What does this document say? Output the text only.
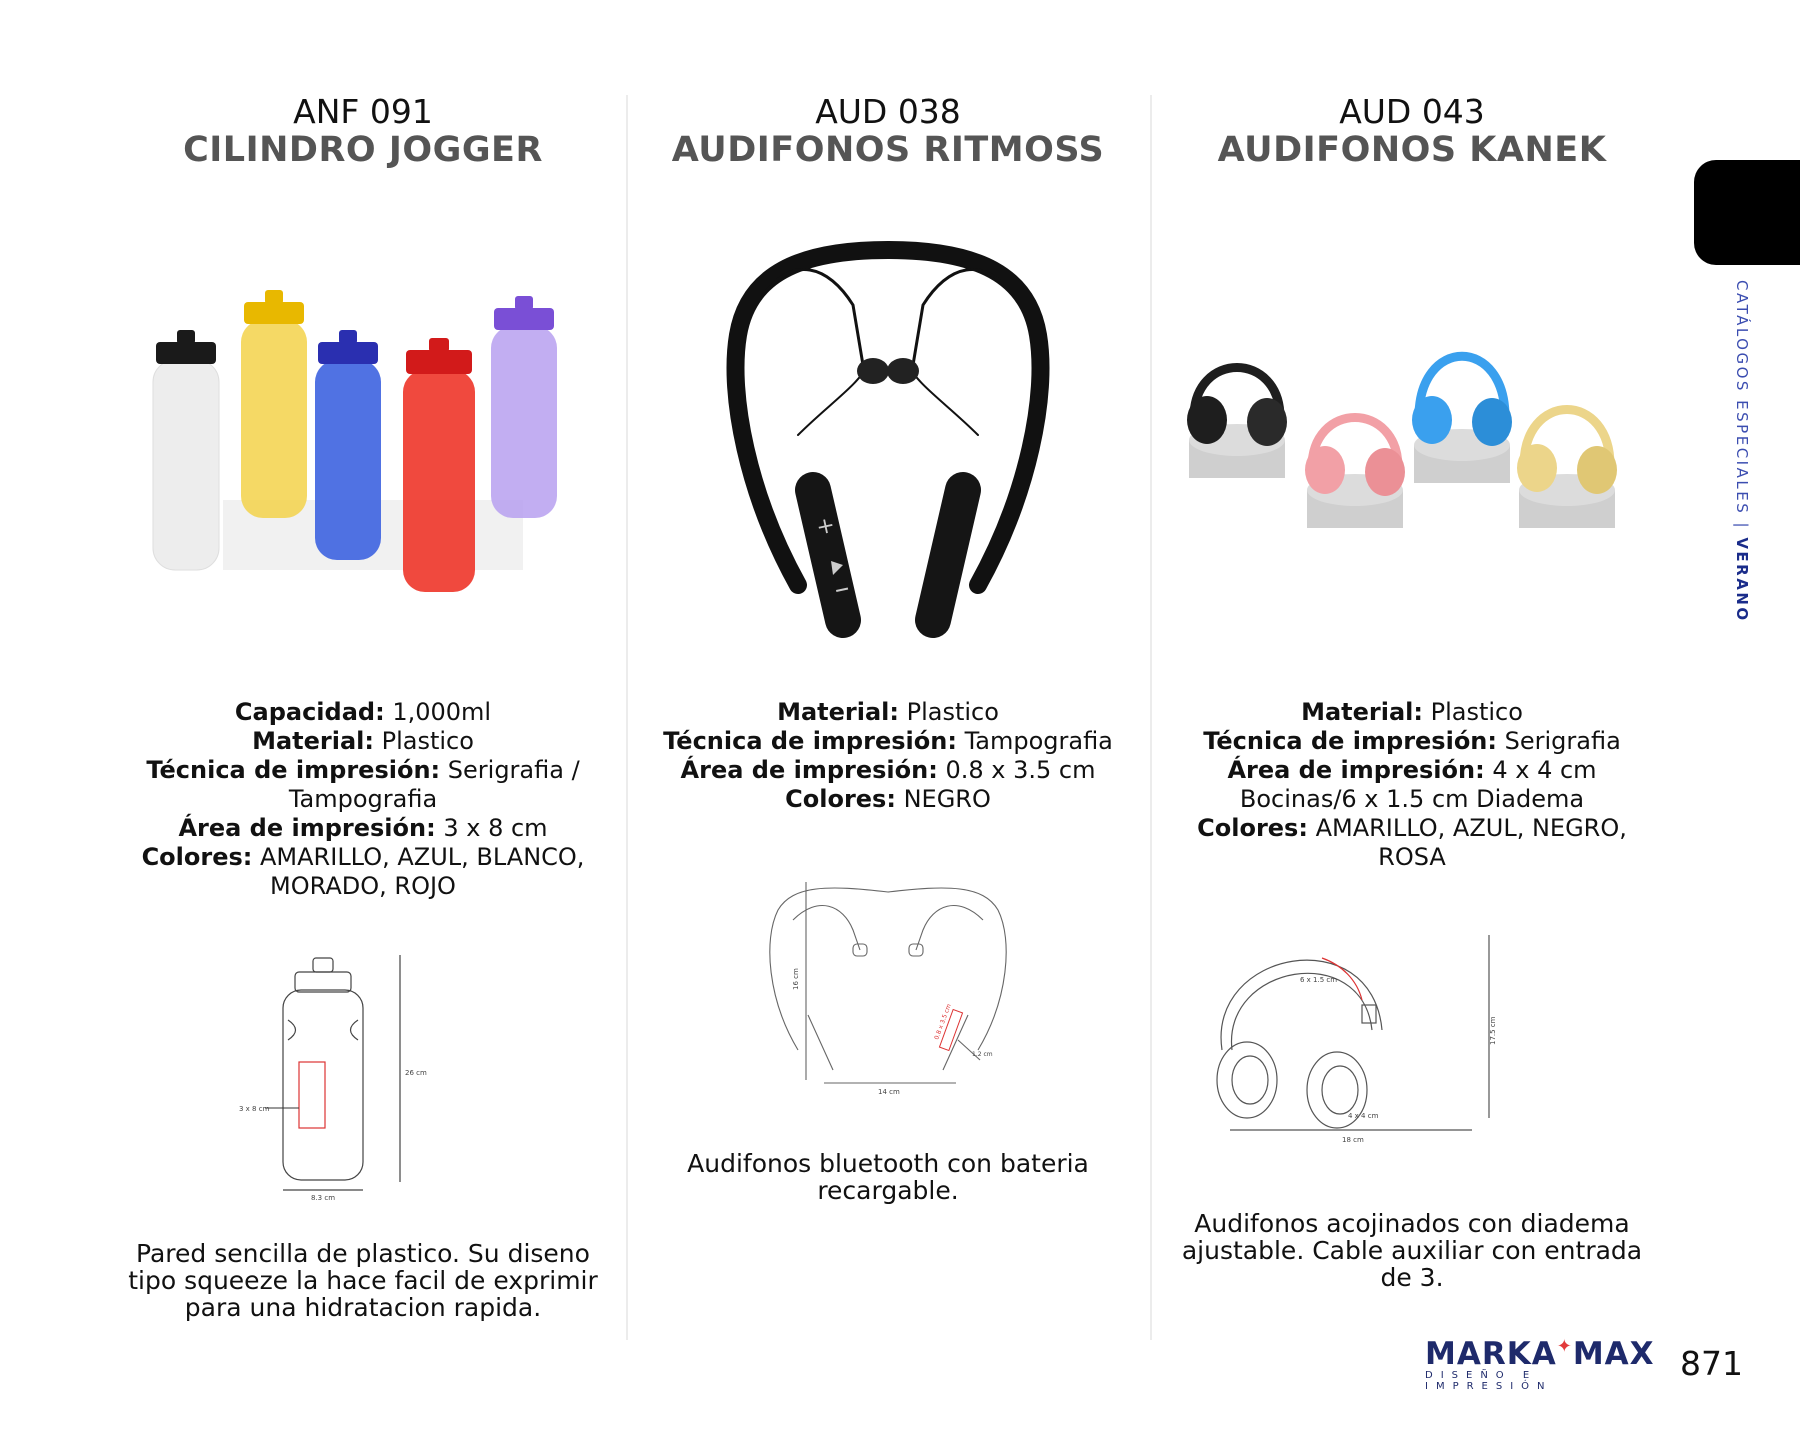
ANF 091
CILINDRO JOGGER
Capacidad: 1,000ml
Material: Plastico
Técnica de impresión: Serigrafia /
Tampografia
Área de impresión: 3 x 8 cm
Colores: AMARILLO, AZUL, BLANCO,
MORADO, ROJO
3 x 8 cm
26 cm
8.3 cm
Pared sencilla de plastico. Su diseno
tipo squeeze la hace facil de exprimir
para una hidratacion rapida.
AUD 038
AUDIFONOS RITMOSS
+
Material: Plastico
Técnica de impresión: Tampografia
Área de impresión: 0.8 x 3.5 cm
Colores: NEGRO
16 cm
14 cm
0.8 x 3.5 cm
1.2 cm
Audifonos bluetooth con bateria
recargable.
AUD 043
AUDIFONOS KANEK
Material: Plastico
Técnica de impresión: Serigrafia
Área de impresión: 4 x 4 cm
Bocinas/6 x 1.5 cm Diadema
Colores: AMARILLO, AZUL, NEGRO,
ROSA
6 x 1.5 cm
17.5 cm
18 cm
4 x 4 cm
Audifonos acojinados con diadema
ajustable. Cable auxiliar con entrada
de 3.
CATÁLOGOS ESPECIALES | VERANO
MARKA✦MAX
DISEÑO E IMPRESIÓN
871
